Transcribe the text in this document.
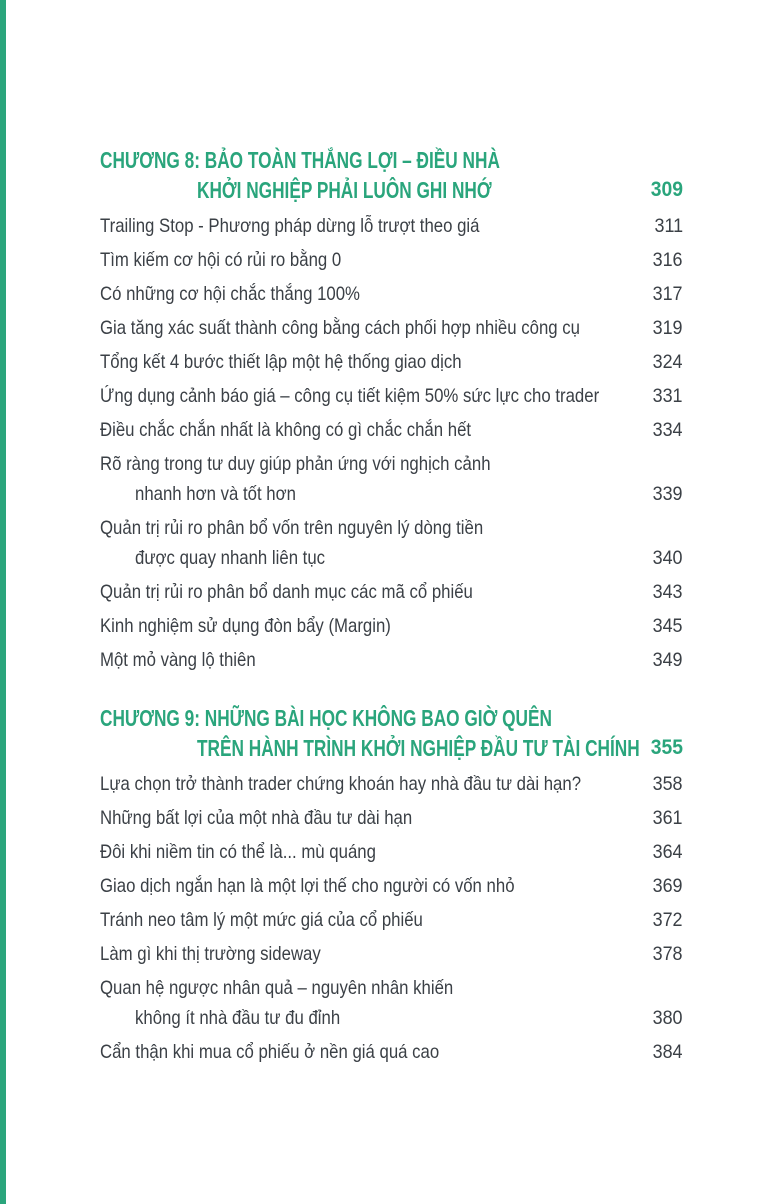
CHƯƠNG 8: BẢO TOÀN THẮNG LỢI – ĐIỀU NHÀ
KHỞI NGHIỆP PHẢI LUÔN GHI NHỚ	309
Trailing Stop - Phương pháp dừng lỗ trượt theo giá	311
Tìm kiếm cơ hội có rủi ro bằng 0	316
Có những cơ hội chắc thắng 100%	317
Gia tăng xác suất thành công bằng cách phối hợp nhiều công cụ	319
Tổng kết 4 bước thiết lập một hệ thống giao dịch	324
Ứng dụng cảnh báo giá – công cụ tiết kiệm 50% sức lực cho trader	331
Điều chắc chắn nhất là không có gì chắc chắn hết	334
Rõ ràng trong tư duy giúp phản ứng với nghịch cảnh
nhanh hơn và tốt hơn	339
Quản trị rủi ro phân bổ vốn trên nguyên lý dòng tiền
được quay nhanh liên tục	340
Quản trị rủi ro phân bổ danh mục các mã cổ phiếu	343
Kinh nghiệm sử dụng đòn bẩy (Margin)	345
Một mỏ vàng lộ thiên	349
CHƯƠNG 9: NHỮNG BÀI HỌC KHÔNG BAO GIỜ QUÊN
TRÊN HÀNH TRÌNH KHỞI NGHIỆP ĐẦU TƯ TÀI CHÍNH 355
Lựa chọn trở thành trader chứng khoán hay nhà đầu tư dài hạn?	358
Những bất lợi của một nhà đầu tư dài hạn	361
Đôi khi niềm tin có thể là... mù quáng	364
Giao dịch ngắn hạn là một lợi thế cho người có vốn nhỏ	369
Tránh neo tâm lý một mức giá của cổ phiếu	372
Làm gì khi thị trường sideway	378
Quan hệ ngược nhân quả – nguyên nhân khiến
không ít nhà đầu tư đu đỉnh	380
Cẩn thận khi mua cổ phiếu ở nền giá quá cao	384
